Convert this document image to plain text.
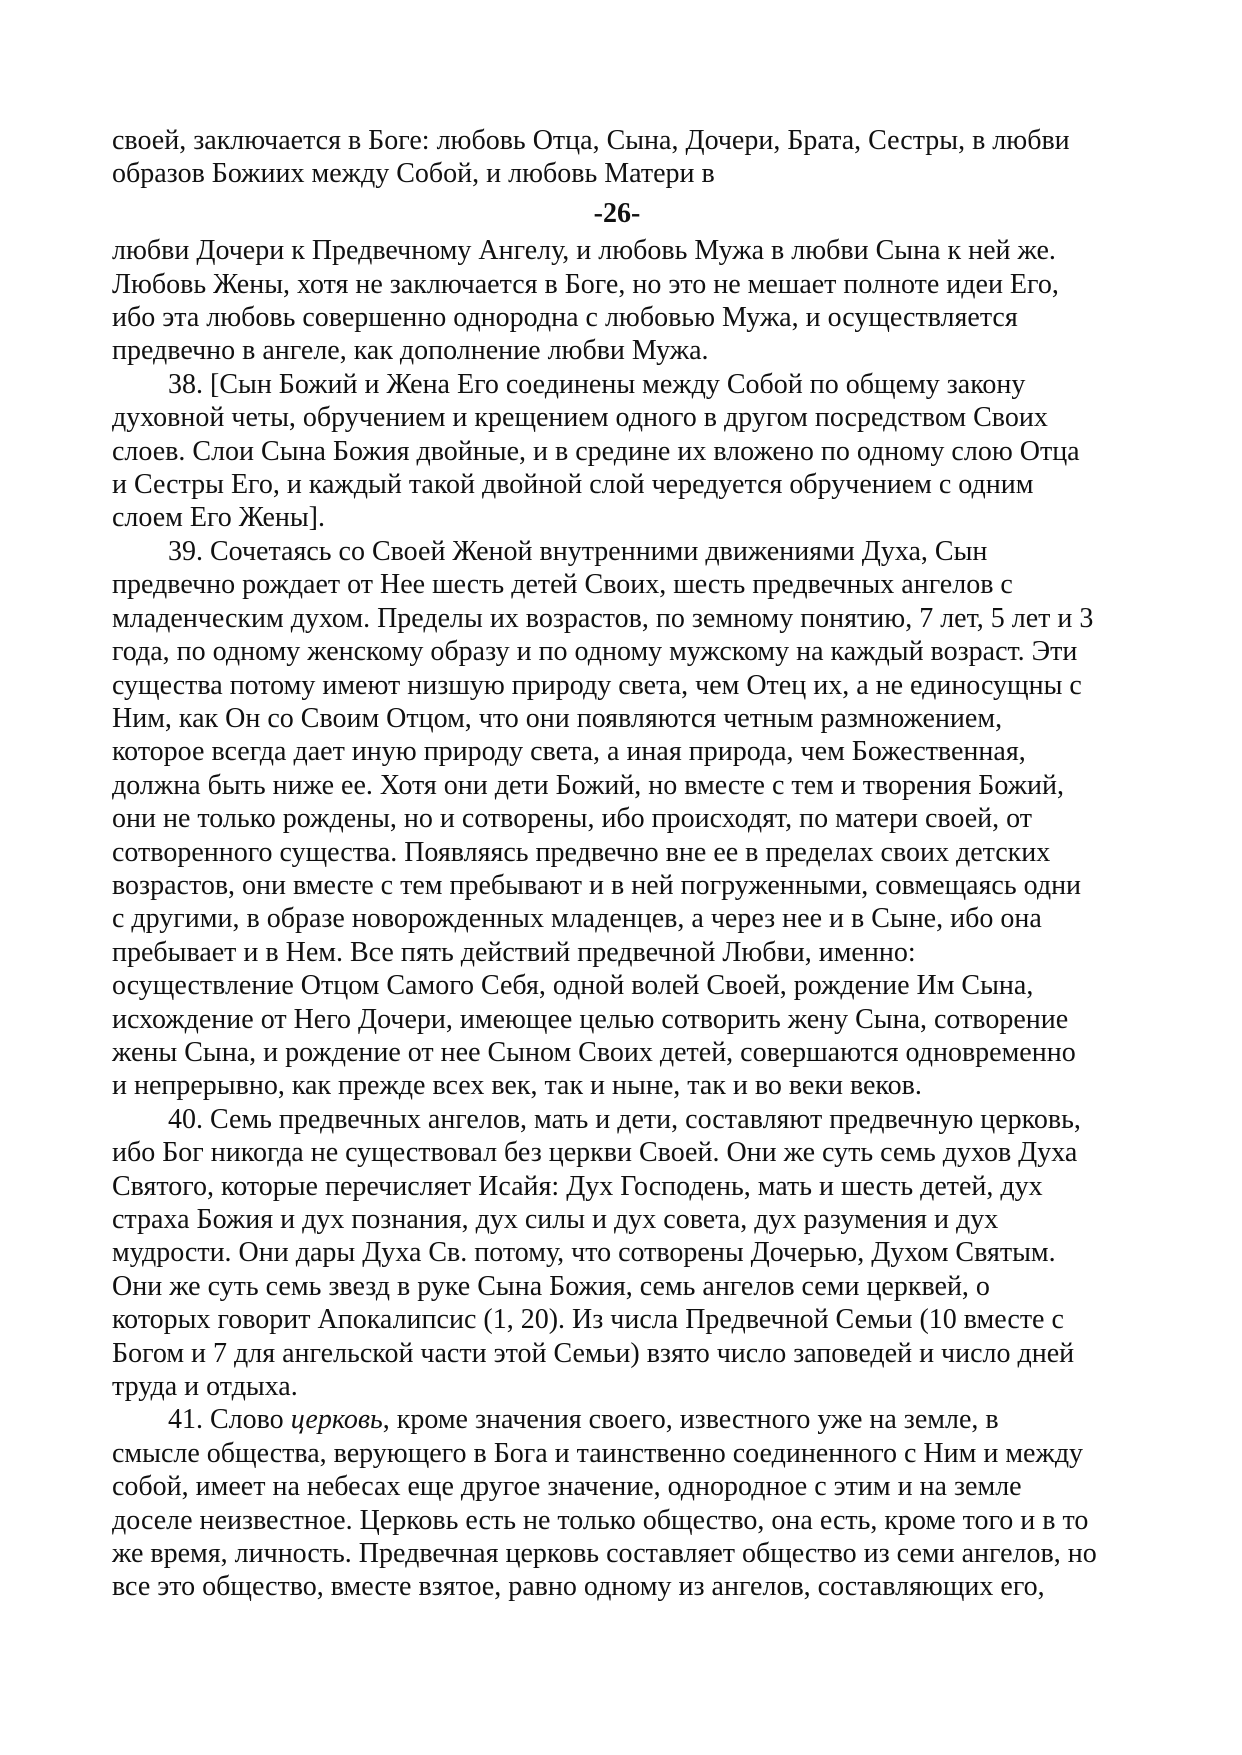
своей, заключается в Боге: любовь Отца, Сына, Дочери, Брата, Сестры, в любви
образов Божиих между Собой, и любовь Матери в
-26-
любви Дочери к Предвечному Ангелу, и любовь Мужа в любви Сына к ней же.
Любовь Жены, хотя не заключается в Боге, но это не мешает полноте идеи Его,
ибо эта любовь совершенно однородна с любовью Мужа, и осуществляется
предвечно в ангеле, как дополнение любви Мужа.
38. [Сын Божий и Жена Его соединены между Собой по общему закону
духовной четы, обручением и крещением одного в другом посредством Своих
слоев. Слои Сына Божия двойные, и в средине их вложено по одному слою Отца
и Сестры Его, и каждый такой двойной слой чередуется обручением с одним
слоем Его Жены].
39. Сочетаясь со Своей Женой внутренними движениями Духа, Сын
предвечно рождает от Нее шесть детей Своих, шесть предвечных ангелов с
младенческим духом. Пределы их возрастов, по земному понятию, 7 лет, 5 лет и 3
года, по одному женскому образу и по одному мужскому на каждый возраст. Эти
существа потому имеют низшую природу света, чем Отец их, а не единосущны с
Ним, как Он со Своим Отцом, что они появляются четным размножением,
которое всегда дает иную природу света, а иная природа, чем Божественная,
должна быть ниже ее. Хотя они дети Божий, но вместе с тем и творения Божий,
они не только рождены, но и сотворены, ибо происходят, по матери своей, от
сотворенного существа. Появляясь предвечно вне ее в пределах своих детских
возрастов, они вместе с тем пребывают и в ней погруженными, совмещаясь одни
с другими, в образе новорожденных младенцев, а через нее и в Сыне, ибо она
пребывает и в Нем. Все пять действий предвечной Любви, именно:
осуществление Отцом Самого Себя, одной волей Своей, рождение Им Сына,
исхождение от Него Дочери, имеющее целью сотворить жену Сына, сотворение
жены Сына, и рождение от нее Сыном Своих детей, совершаются одновременно
и непрерывно, как прежде всех век, так и ныне, так и во веки веков.
40. Семь предвечных ангелов, мать и дети, составляют предвечную церковь,
ибо Бог никогда не существовал без церкви Своей. Они же суть семь духов Духа
Святого, которые перечисляет Исайя: Дух Господень, мать и шесть детей, дух
страха Божия и дух познания, дух силы и дух совета, дух разумения и дух
мудрости. Они дары Духа Св. потому, что сотворены Дочерью, Духом Святым.
Они же суть семь звезд в руке Сына Божия, семь ангелов семи церквей, о
которых говорит Апокалипсис (1, 20). Из числа Предвечной Семьи (10 вместе с
Богом и 7 для ангельской части этой Семьи) взято число заповедей и число дней
труда и отдыха.
41. Слово церковь, кроме значения своего, известного уже на земле, в
смысле общества, верующего в Бога и таинственно соединенного с Ним и между
собой, имеет на небесах еще другое значение, однородное с этим и на земле
доселе неизвестное. Церковь есть не только общество, она есть, кроме того и в то
же время, личность. Предвечная церковь составляет общество из семи ангелов, но
все это общество, вместе взятое, равно одному из ангелов, составляющих его,
